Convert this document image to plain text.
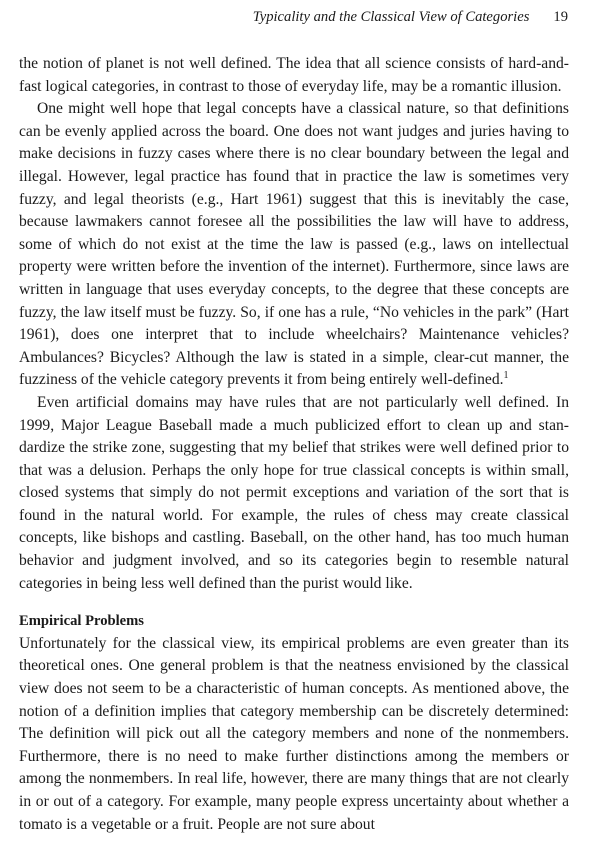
Typicality and the Classical View of Categories 19

the notion of planet is not well defined. The idea that all science consists of hard-and-fast logical categories, in contrast to those of everyday life, may be a romantic illusion.

One might well hope that legal concepts have a classical nature, so that definitions can be evenly applied across the board. One does not want judges and juries having to make decisions in fuzzy cases where there is no clear boundary between the legal and illegal. However, legal practice has found that in practice the law is sometimes very fuzzy, and legal theorists (e.g., Hart 1961) suggest that this is inevitably the case, because lawmakers cannot foresee all the possibilities the law will have to address, some of which do not exist at the time the law is passed (e.g., laws on intellectual property were written before the invention of the internet). Furthermore, since laws are written in language that uses everyday concepts, to the degree that these concepts are fuzzy, the law itself must be fuzzy. So, if one has a rule, “No vehicles in the park” (Hart 1961), does one interpret that to include wheelchairs? Maintenance vehicles? Ambulances? Bicycles? Although the law is stated in a simple, clear-cut manner, the fuzziness of the vehicle category prevents it from being entirely well-defined.$^1$

Even artificial domains may have rules that are not particularly well defined. In 1999, Major League Baseball made a much publicized effort to clean up and standardize the strike zone, suggesting that my belief that strikes were well defined prior to that was a delusion. Perhaps the only hope for true classical concepts is within small, closed systems that simply do not permit exceptions and variation of the sort that is found in the natural world. For example, the rules of chess may create classical concepts, like bishops and castling. Baseball, on the other hand, has too much human behavior and judgment involved, and so its categories begin to resemble natural categories in being less well defined than the purist would like.

Empirical Problems

Unfortunately for the classical view, its empirical problems are even greater than its theoretical ones. One general problem is that the neatness envisioned by the classical view does not seem to be a characteristic of human concepts. As mentioned above, the notion of a definition implies that category membership can be discretely determined: The definition will pick out all the category members and none of the nonmembers. Furthermore, there is no need to make further distinctions among the members or among the nonmembers. In real life, however, there are many things that are not clearly in or out of a category. For example, many people express uncertainty about whether a tomato is a vegetable or a fruit. People are not sure about
